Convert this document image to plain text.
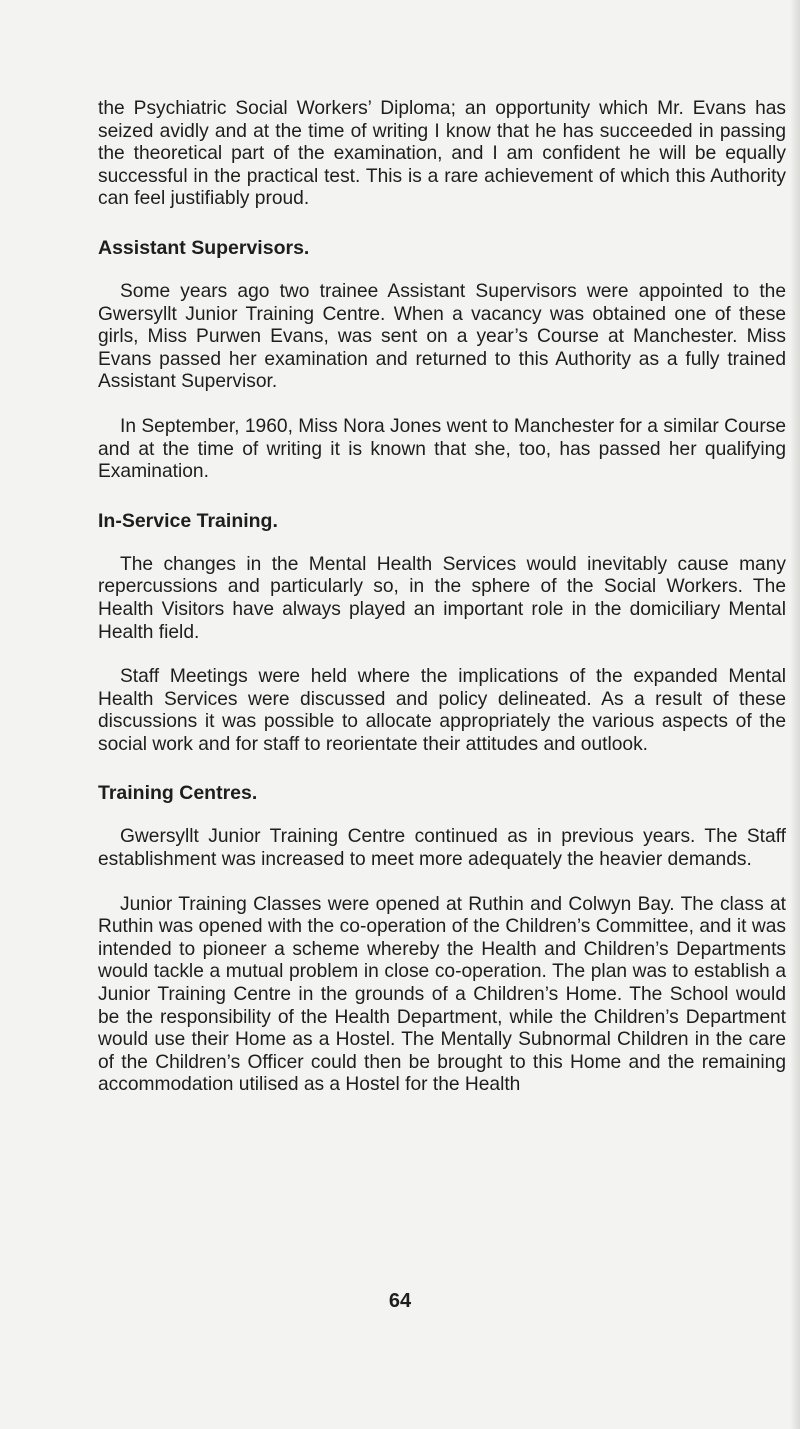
the Psychiatric Social Workers’ Diploma; an opportunity which Mr. Evans has seized avidly and at the time of writing I know that he has succeeded in passing the theoretical part of the examination, and I am confident he will be equally successful in the practical test. This is a rare achievement of which this Authority can feel justifiably proud.

Assistant Supervisors.

Some years ago two trainee Assistant Supervisors were appointed to the Gwersyllt Junior Training Centre. When a vacancy was obtained one of these girls, Miss Purwen Evans, was sent on a year’s Course at Manchester. Miss Evans passed her examination and returned to this Authority as a fully trained Assistant Supervisor.

In September, 1960, Miss Nora Jones went to Manchester for a similar Course and at the time of writing it is known that she, too, has passed her qualifying Examination.

In-Service Training.

The changes in the Mental Health Services would inevitably cause many repercussions and particularly so, in the sphere of the Social Workers. The Health Visitors have always played an important role in the domiciliary Mental Health field.

Staff Meetings were held where the implications of the expanded Mental Health Services were discussed and policy delineated. As a result of these discussions it was possible to allocate appropriately the various aspects of the social work and for staff to reorientate their attitudes and outlook.

Training Centres.

Gwersyllt Junior Training Centre continued as in previous years. The Staff establishment was increased to meet more adequately the heavier demands.

Junior Training Classes were opened at Ruthin and Colwyn Bay. The class at Ruthin was opened with the co-operation of the Children’s Committee, and it was intended to pioneer a scheme whereby the Health and Children’s Departments would tackle a mutual problem in close co-operation. The plan was to establish a Junior Training Centre in the grounds of a Children’s Home. The School would be the responsibility of the Health Department, while the Children’s Department would use their Home as a Hostel. The Mentally Subnormal Children in the care of the Children’s Officer could then be brought to this Home and the remaining accommodation utilised as a Hostel for the Health

64
